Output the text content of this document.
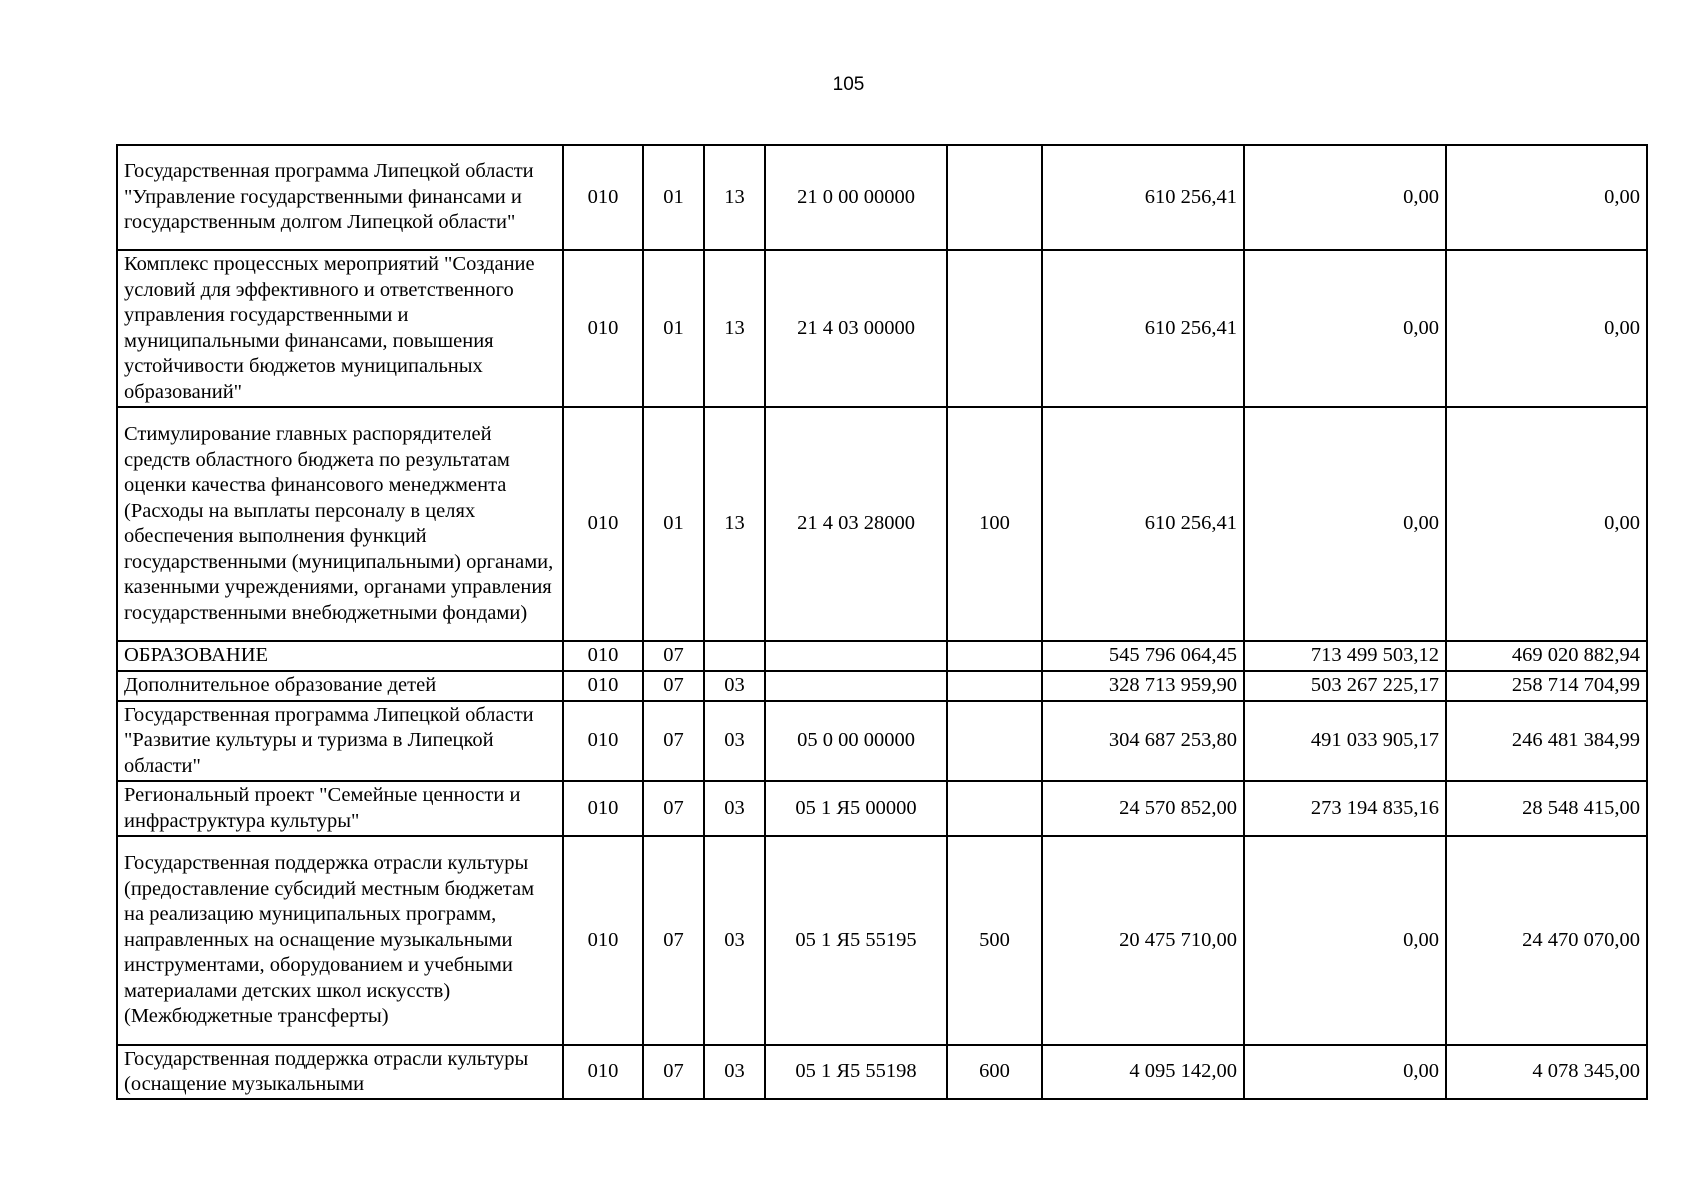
105
Государственная программа Липецкой области "Управление государственными финансами и государственным долгом Липецкой области"	010	01	13	21 0 00 00000		610 256,41	0,00	0,00
Комплекс процессных мероприятий "Создание условий для эффективного и ответственного управления государственными и муниципальными финансами, повышения устойчивости бюджетов муниципальных образований"	010	01	13	21 4 03 00000		610 256,41	0,00	0,00
Стимулирование главных распорядителей средств областного бюджета по результатам оценки качества финансового менеджмента (Расходы на выплаты персоналу в целях обеспечения выполнения функций государственными (муниципальными) органами, казенными учреждениями, органами управления государственными внебюджетными фондами)	010	01	13	21 4 03 28000	100	610 256,41	0,00	0,00
ОБРАЗОВАНИЕ	010	07				545 796 064,45	713 499 503,12	469 020 882,94
Дополнительное образование детей	010	07	03			328 713 959,90	503 267 225,17	258 714 704,99
Государственная программа Липецкой области "Развитие культуры и туризма в Липецкой области"	010	07	03	05 0 00 00000		304 687 253,80	491 033 905,17	246 481 384,99
Региональный проект "Семейные ценности и инфраструктура культуры"	010	07	03	05 1 Я5 00000		24 570 852,00	273 194 835,16	28 548 415,00
Государственная поддержка отрасли культуры (предоставление субсидий местным бюджетам на реализацию муниципальных программ, направленных на оснащение музыкальными инструментами, оборудованием и учебными материалами детских школ искусств) (Межбюджетные трансферты)	010	07	03	05 1 Я5 55195	500	20 475 710,00	0,00	24 470 070,00
Государственная поддержка отрасли культуры (оснащение музыкальными	010	07	03	05 1 Я5 55198	600	4 095 142,00	0,00	4 078 345,00
